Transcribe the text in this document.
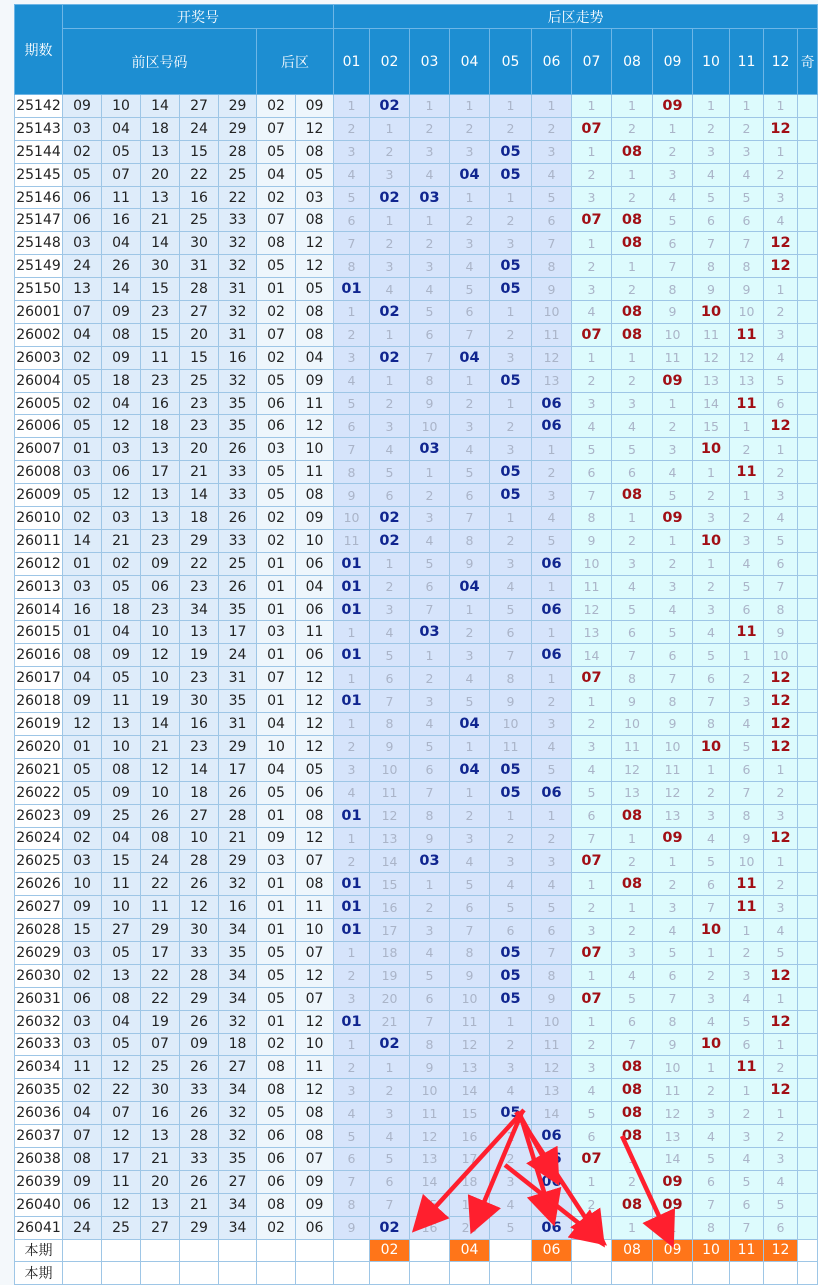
期数	开奖号							后区走势												
	前区号码					后区		01	02	03	04	05	06	07	08	09	10	11	12	奇
25142	09	10	14	27	29	02	09	1	02	1	1	1	1	1	1	09	1	1	1	
25143	03	04	18	24	29	07	12	2	1	2	2	2	2	07	2	1	2	2	12	
25144	02	05	13	15	28	05	08	3	2	3	3	05	3	1	08	2	3	3	1	
25145	05	07	20	22	25	04	05	4	3	4	04	05	4	2	1	3	4	4	2	
25146	06	11	13	16	22	02	03	5	02	03	1	1	5	3	2	4	5	5	3	
25147	06	16	21	25	33	07	08	6	1	1	2	2	6	07	08	5	6	6	4	
25148	03	04	14	30	32	08	12	7	2	2	3	3	7	1	08	6	7	7	12	
25149	24	26	30	31	32	05	12	8	3	3	4	05	8	2	1	7	8	8	12	
25150	13	14	15	28	31	01	05	01	4	4	5	05	9	3	2	8	9	9	1	
26001	07	09	23	27	32	02	08	1	02	5	6	1	10	4	08	9	10	10	2	
26002	04	08	15	20	31	07	08	2	1	6	7	2	11	07	08	10	11	11	3	
26003	02	09	11	15	16	02	04	3	02	7	04	3	12	1	1	11	12	12	4	
26004	05	18	23	25	32	05	09	4	1	8	1	05	13	2	2	09	13	13	5	
26005	02	04	16	23	35	06	11	5	2	9	2	1	06	3	3	1	14	11	6	
26006	05	12	18	23	35	06	12	6	3	10	3	2	06	4	4	2	15	1	12	
26007	01	03	13	20	26	03	10	7	4	03	4	3	1	5	5	3	10	2	1	
26008	03	06	17	21	33	05	11	8	5	1	5	05	2	6	6	4	1	11	2	
26009	05	12	13	14	33	05	08	9	6	2	6	05	3	7	08	5	2	1	3	
26010	02	03	13	18	26	02	09	10	02	3	7	1	4	8	1	09	3	2	4	
26011	14	21	23	29	33	02	10	11	02	4	8	2	5	9	2	1	10	3	5	
26012	01	02	09	22	25	01	06	01	1	5	9	3	06	10	3	2	1	4	6	
26013	03	05	06	23	26	01	04	01	2	6	04	4	1	11	4	3	2	5	7	
26014	16	18	23	34	35	01	06	01	3	7	1	5	06	12	5	4	3	6	8	
26015	01	04	10	13	17	03	11	1	4	03	2	6	1	13	6	5	4	11	9	
26016	08	09	12	19	24	01	06	01	5	1	3	7	06	14	7	6	5	1	10	
26017	04	05	10	23	31	07	12	1	6	2	4	8	1	07	8	7	6	2	12	
26018	09	11	19	30	35	01	12	01	7	3	5	9	2	1	9	8	7	3	12	
26019	12	13	14	16	31	04	12	1	8	4	04	10	3	2	10	9	8	4	12	
26020	01	10	21	23	29	10	12	2	9	5	1	11	4	3	11	10	10	5	12	
26021	05	08	12	14	17	04	05	3	10	6	04	05	5	4	12	11	1	6	1	
26022	05	09	10	18	26	05	06	4	11	7	1	05	06	5	13	12	2	7	2	
26023	09	25	26	27	28	01	08	01	12	8	2	1	1	6	08	13	3	8	3	
26024	02	04	08	10	21	09	12	1	13	9	3	2	2	7	1	09	4	9	12	
26025	03	15	24	28	29	03	07	2	14	03	4	3	3	07	2	1	5	10	1	
26026	10	11	22	26	32	01	08	01	15	1	5	4	4	1	08	2	6	11	2	
26027	09	10	11	12	16	01	11	01	16	2	6	5	5	2	1	3	7	11	3	
26028	15	27	29	30	34	01	10	01	17	3	7	6	6	3	2	4	10	1	4	
26029	03	05	17	33	35	05	07	1	18	4	8	05	7	07	3	5	1	2	5	
26030	02	13	22	28	34	05	12	2	19	5	9	05	8	1	4	6	2	3	12	
26031	06	08	22	29	34	05	07	3	20	6	10	05	9	07	5	7	3	4	1	
26032	03	04	19	26	32	01	12	01	21	7	11	1	10	1	6	8	4	5	12	
26033	03	05	07	09	18	02	10	1	02	8	12	2	11	2	7	9	10	6	1	
26034	11	12	25	26	27	08	11	2	1	9	13	3	12	3	08	10	1	11	2	
26035	02	22	30	33	34	08	12	3	2	10	14	4	13	4	08	11	2	1	12	
26036	04	07	16	26	32	05	08	4	3	11	15	05	14	5	08	12	3	2	1	
26037	07	12	13	28	32	06	08	5	4	12	16	1	06	6	08	13	4	3	2	
26038	08	17	21	33	35	06	07	6	5	13	17	2	06	07	1	14	5	4	3	
26039	09	11	20	26	27	06	09	7	6	14	18	3	06	1	2	09	6	5	4	
26040	06	12	13	21	34	08	09	8	7	15	19	4	1	2	08	09	7	6	5	
26041	24	25	27	29	34	02	06	9	02	16	20	5	06	3	1	1	8	7	6	
本期									02		04		06		08	09	10	11	12	
本期																				
